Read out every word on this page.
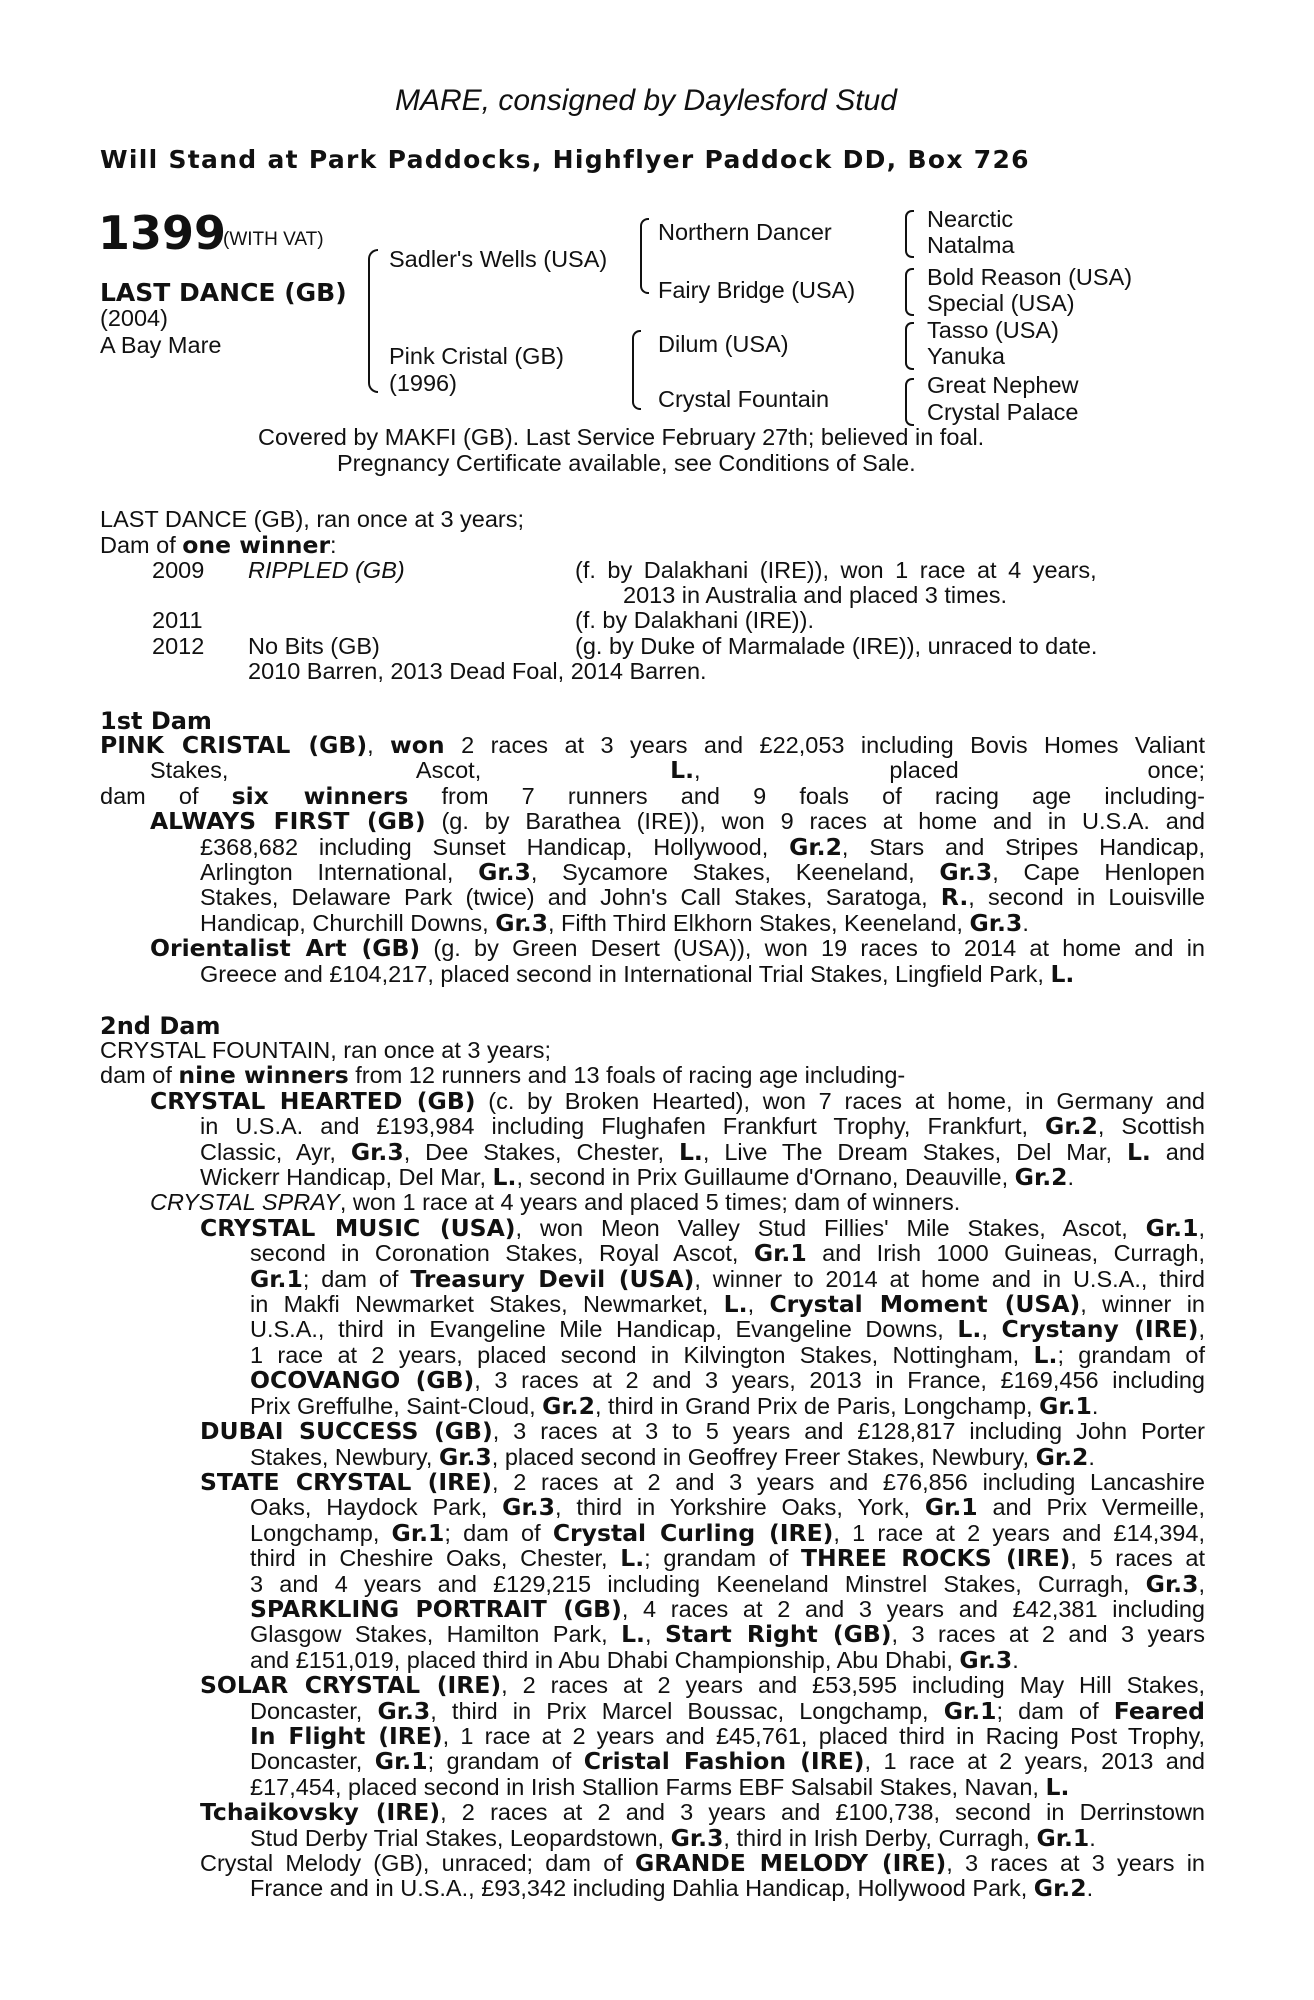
MARE, consigned by Daylesford Stud
Will Stand at Park Paddocks, Highflyer Paddock DD, Box 726
1399
(WITH VAT)
LAST DANCE (GB)
(2004)
A Bay Mare
Sadler's Wells (USA)
Pink Cristal (GB)
(1996)
Northern Dancer
Fairy Bridge (USA)
Dilum (USA)
Crystal Fountain
Nearctic
Natalma
Bold Reason (USA)
Special (USA)
Tasso (USA)
Yanuka
Great Nephew
Crystal Palace
Covered by MAKFI (GB). Last Service February 27th; believed in foal.
Pregnancy Certificate available, see Conditions of Sale.
LAST DANCE (GB), ran once at 3 years;
Dam of one winner:
2009 RIPPLED (GB)	(f. by Dalakhani (IRE)), won 1 race at 4 years,
2013 in Australia and placed 3 times.
2011	(f. by Dalakhani (IRE)).
2012 No Bits (GB)	(g. by Duke of Marmalade (IRE)), unraced to date.
2010 Barren, 2013 Dead Foal, 2014 Barren.
1st Dam
PINK CRISTAL (GB), won 2 races at 3 years and £22,053 including Bovis Homes Valiant
Stakes, Ascot, L., placed once;
dam of six winners from 7 runners and 9 foals of racing age including-
ALWAYS FIRST (GB) (g. by Barathea (IRE)), won 9 races at home and in U.S.A. and
£368,682 including Sunset Handicap, Hollywood, Gr.2, Stars and Stripes Handicap,
Arlington International, Gr.3, Sycamore Stakes, Keeneland, Gr.3, Cape Henlopen
Stakes, Delaware Park (twice) and John's Call Stakes, Saratoga, R., second in Louisville
Handicap, Churchill Downs, Gr.3, Fifth Third Elkhorn Stakes, Keeneland, Gr.3.
Orientalist Art (GB) (g. by Green Desert (USA)), won 19 races to 2014 at home and in
Greece and £104,217, placed second in International Trial Stakes, Lingfield Park, L.
2nd Dam
CRYSTAL FOUNTAIN, ran once at 3 years;
dam of nine winners from 12 runners and 13 foals of racing age including-
CRYSTAL HEARTED (GB) (c. by Broken Hearted), won 7 races at home, in Germany and
in U.S.A. and £193,984 including Flughafen Frankfurt Trophy, Frankfurt, Gr.2, Scottish
Classic, Ayr, Gr.3, Dee Stakes, Chester, L., Live The Dream Stakes, Del Mar, L. and
Wickerr Handicap, Del Mar, L., second in Prix Guillaume d'Ornano, Deauville, Gr.2.
CRYSTAL SPRAY, won 1 race at 4 years and placed 5 times; dam of winners.
CRYSTAL MUSIC (USA), won Meon Valley Stud Fillies' Mile Stakes, Ascot, Gr.1,
second in Coronation Stakes, Royal Ascot, Gr.1 and Irish 1000 Guineas, Curragh,
Gr.1; dam of Treasury Devil (USA), winner to 2014 at home and in U.S.A., third
in Makfi Newmarket Stakes, Newmarket, L., Crystal Moment (USA), winner in
U.S.A., third in Evangeline Mile Handicap, Evangeline Downs, L., Crystany (IRE),
1 race at 2 years, placed second in Kilvington Stakes, Nottingham, L.; grandam of
OCOVANGO (GB), 3 races at 2 and 3 years, 2013 in France, £169,456 including
Prix Greffulhe, Saint-Cloud, Gr.2, third in Grand Prix de Paris, Longchamp, Gr.1.
DUBAI SUCCESS (GB), 3 races at 3 to 5 years and £128,817 including John Porter
Stakes, Newbury, Gr.3, placed second in Geoffrey Freer Stakes, Newbury, Gr.2.
STATE CRYSTAL (IRE), 2 races at 2 and 3 years and £76,856 including Lancashire
Oaks, Haydock Park, Gr.3, third in Yorkshire Oaks, York, Gr.1 and Prix Vermeille,
Longchamp, Gr.1; dam of Crystal Curling (IRE), 1 race at 2 years and £14,394,
third in Cheshire Oaks, Chester, L.; grandam of THREE ROCKS (IRE), 5 races at
3 and 4 years and £129,215 including Keeneland Minstrel Stakes, Curragh, Gr.3,
SPARKLING PORTRAIT (GB), 4 races at 2 and 3 years and £42,381 including
Glasgow Stakes, Hamilton Park, L., Start Right (GB), 3 races at 2 and 3 years
and £151,019, placed third in Abu Dhabi Championship, Abu Dhabi, Gr.3.
SOLAR CRYSTAL (IRE), 2 races at 2 years and £53,595 including May Hill Stakes,
Doncaster, Gr.3, third in Prix Marcel Boussac, Longchamp, Gr.1; dam of Feared
In Flight (IRE), 1 race at 2 years and £45,761, placed third in Racing Post Trophy,
Doncaster, Gr.1; grandam of Cristal Fashion (IRE), 1 race at 2 years, 2013 and
£17,454, placed second in Irish Stallion Farms EBF Salsabil Stakes, Navan, L.
Tchaikovsky (IRE), 2 races at 2 and 3 years and £100,738, second in Derrinstown
Stud Derby Trial Stakes, Leopardstown, Gr.3, third in Irish Derby, Curragh, Gr.1.
Crystal Melody (GB), unraced; dam of GRANDE MELODY (IRE), 3 races at 3 years in
France and in U.S.A., £93,342 including Dahlia Handicap, Hollywood Park, Gr.2.
